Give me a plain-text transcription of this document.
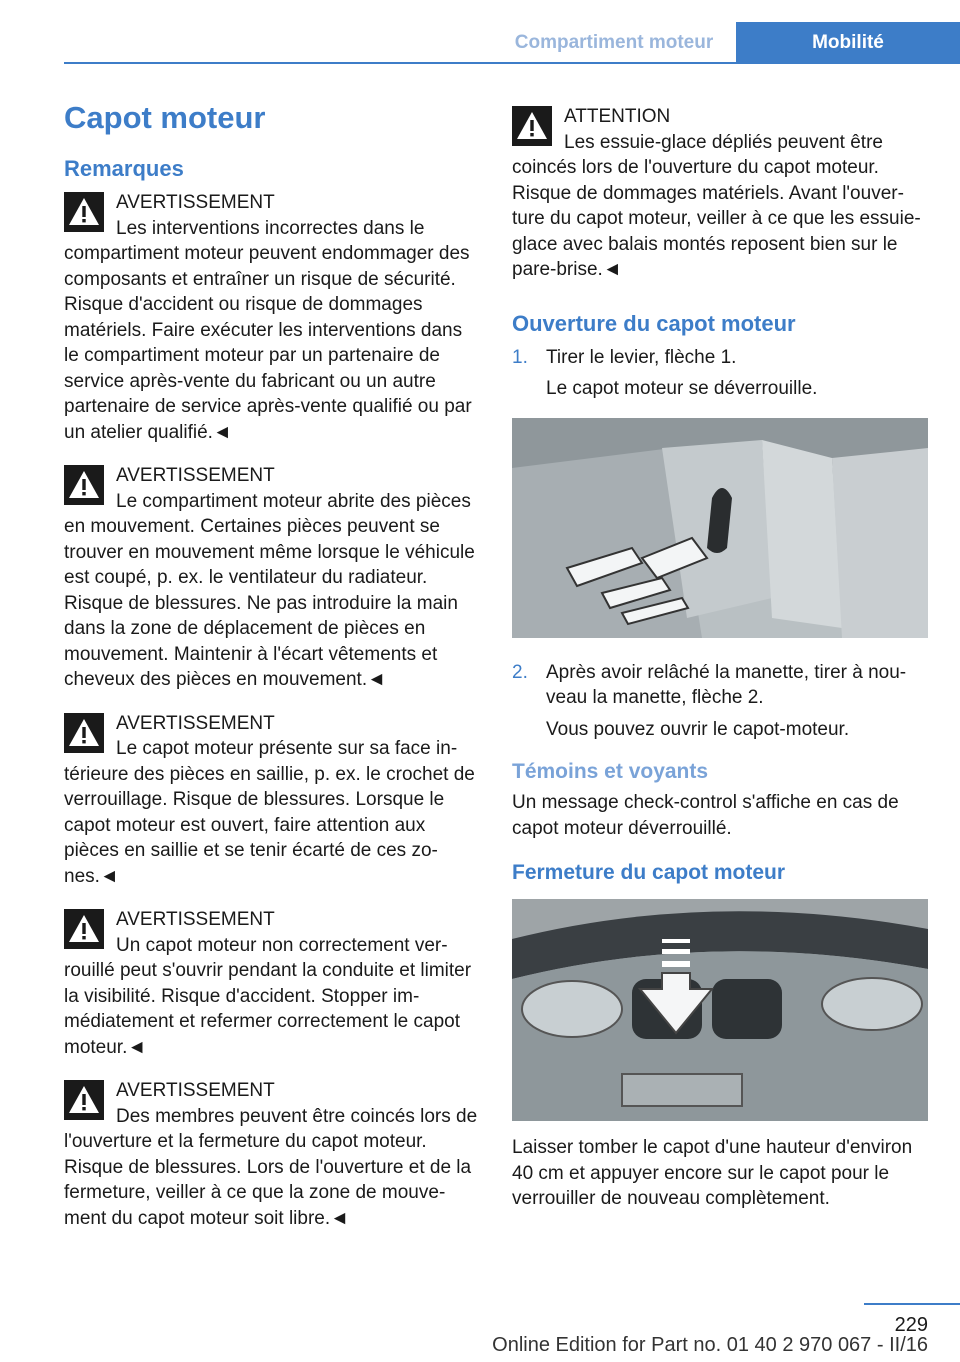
Compartiment moteur	Mobilité
Capot moteur
Remarques
AVERTISSEMENT
Les interventions incorrectes dans le compartiment moteur peuvent endommager des composants et entraîner un risque de sécurité. Risque d'accident ou risque de dommages matériels. Faire exécuter les interventions dans le compartiment moteur par un partenaire de service après-vente du fabricant ou un autre partenaire de service après-vente qualifié ou par un atelier qualifié.◄
AVERTISSEMENT
Le compartiment moteur abrite des pièces en mouvement. Certaines pièces peuvent se trouver en mouvement même lorsque le véhicule est coupé, p. ex. le ventilateur du radiateur. Risque de blessures. Ne pas introduire la main dans la zone de déplacement de pièces en mouvement. Maintenir à l'écart vêtements et cheveux des pièces en mouvement.◄
AVERTISSEMENT
Le capot moteur présente sur sa face intérieure des pièces en saillie, p. ex. le crochet de verrouillage. Risque de blessures. Lorsque le capot moteur est ouvert, faire attention aux pièces en saillie et se tenir écarté de ces zones.◄
AVERTISSEMENT
Un capot moteur non correctement verrouillé peut s'ouvrir pendant la conduite et limiter la visibilité. Risque d'accident. Stopper immédiatement et refermer correctement le capot moteur.◄
AVERTISSEMENT
Des membres peuvent être coincés lors de l'ouverture et la fermeture du capot moteur. Risque de blessures. Lors de l'ouverture et de la fermeture, veiller à ce que la zone de mouvement du capot moteur soit libre.◄
ATTENTION
Les essuie-glace dépliés peuvent être coincés lors de l'ouverture du capot moteur. Risque de dommages matériels. Avant l'ouverture du capot moteur, veiller à ce que les essuie-glace avec balais montés reposent bien sur le pare-brise.◄
Ouverture du capot moteur
1. Tirer le levier, flèche 1.
Le capot moteur se déverrouille.
2. Après avoir relâché la manette, tirer à nouveau la manette, flèche 2.
Vous pouvez ouvrir le capot-moteur.
Témoins et voyants

Un message check-control s'affiche en cas de capot moteur déverrouillé.

Fermeture du capot moteur

Laisser tomber le capot d'une hauteur d'environ 40 cm et appuyer encore sur le capot pour le verrouiller de nouveau complètement.

229
Online Edition for Part no. 01 40 2 970 067 - II/16
